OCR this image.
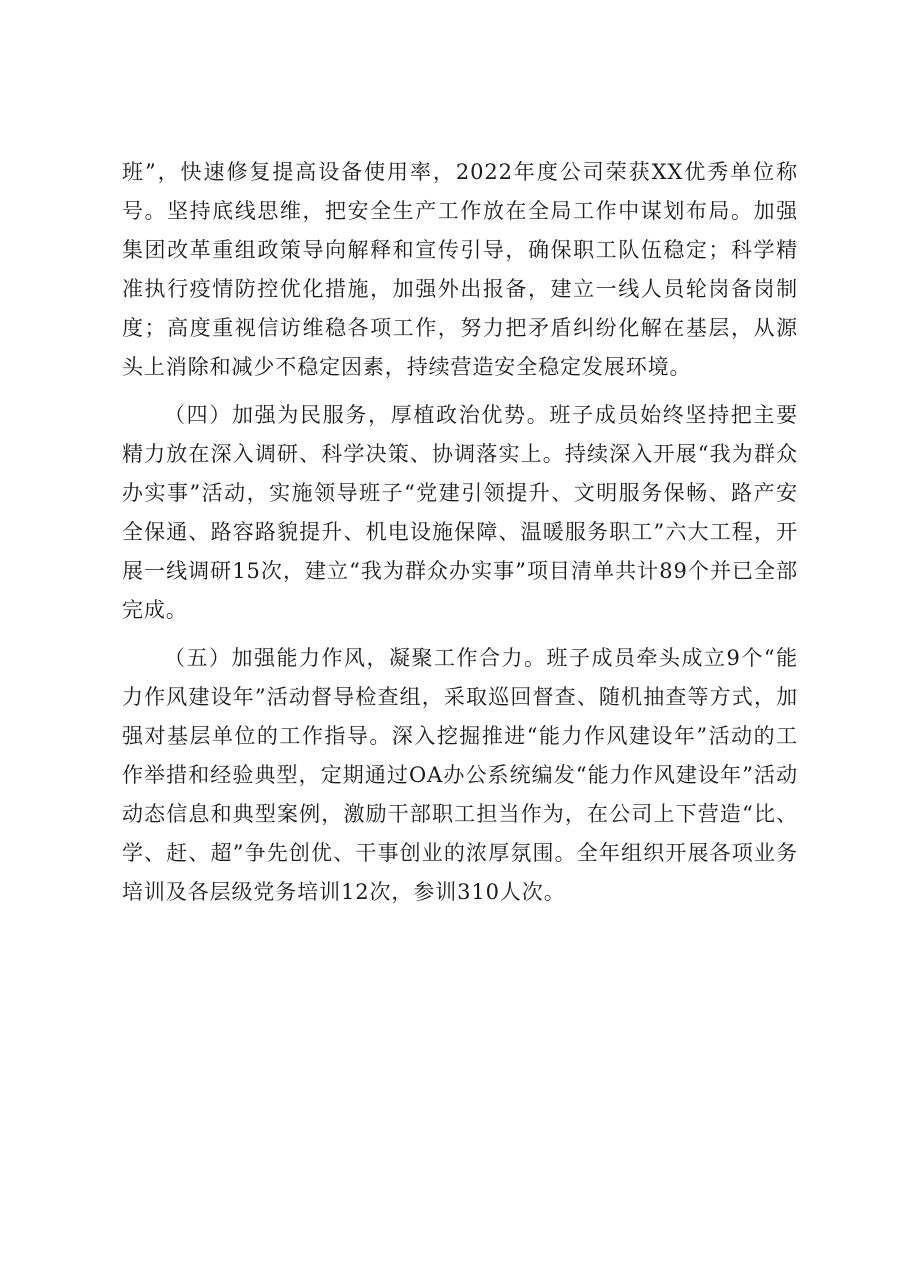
班”，快速修复提高设备使用率，2022年度公司荣获XX优秀单位称号。坚持底线思维，把安全生产工作放在全局工作中谋划布局。加强集团改革重组政策导向解释和宣传引导，确保职工队伍稳定；科学精准执行疫情防控优化措施，加强外出报备，建立一线人员轮岗备岗制度；高度重视信访维稳各项工作，努力把矛盾纠纷化解在基层，从源头上消除和减少不稳定因素，持续营造安全稳定发展环境。

（四）加强为民服务，厚植政治优势。班子成员始终坚持把主要精力放在深入调研、科学决策、协调落实上。持续深入开展“我为群众办实事”活动，实施领导班子“党建引领提升、文明服务保畅、路产安全保通、路容路貌提升、机电设施保障、温暖服务职工”六大工程，开展一线调研15次，建立“我为群众办实事”项目清单共计89个并已全部完成。

（五）加强能力作风，凝聚工作合力。班子成员牵头成立9个“能力作风建设年”活动督导检查组，采取巡回督查、随机抽查等方式，加强对基层单位的工作指导。深入挖掘推进“能力作风建设年”活动的工作举措和经验典型，定期通过OA办公系统编发“能力作风建设年”活动动态信息和典型案例，激励干部职工担当作为，在公司上下营造“比、学、赶、超”争先创优、干事创业的浓厚氛围。全年组织开展各项业务培训及各层级党务培训12次，参训310人次。
